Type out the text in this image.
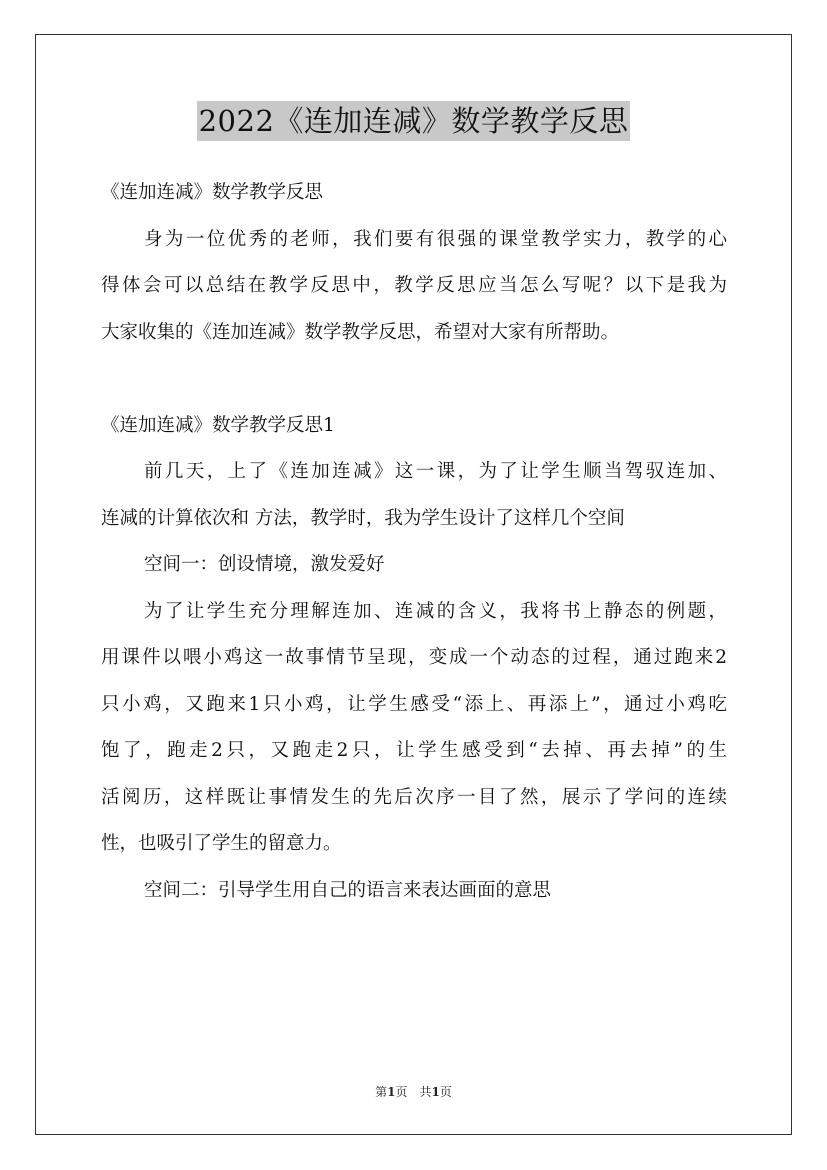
2022《连加连减》数学教学反思
《连加连减》数学教学反思
身为一位优秀的老师，我们要有很强的课堂教学实力，教学的心
得体会可以总结在教学反思中，教学反思应当怎么写呢？以下是我为
大家收集的《连加连减》数学教学反思，希望对大家有所帮助。
《连加连减》数学教学反思1
前几天，上了《连加连减》这一课，为了让学生顺当驾驭连加、
连减的计算依次和 方法，教学时，我为学生设计了这样几个空间
空间一：创设情境，激发爱好
为了让学生充分理解连加、连减的含义，我将书上静态的例题，
用课件以喂小鸡这一故事情节呈现，变成一个动态的过程，通过跑来2
只小鸡，又跑来1只小鸡，让学生感受“添上、再添上”，通过小鸡吃
饱了，跑走2只，又跑走2只，让学生感受到“去掉、再去掉”的生
活阅历，这样既让事情发生的先后次序一目了然，展示了学问的连续
性，也吸引了学生的留意力。
空间二：引导学生用自己的语言来表达画面的意思
第1页　共1页
